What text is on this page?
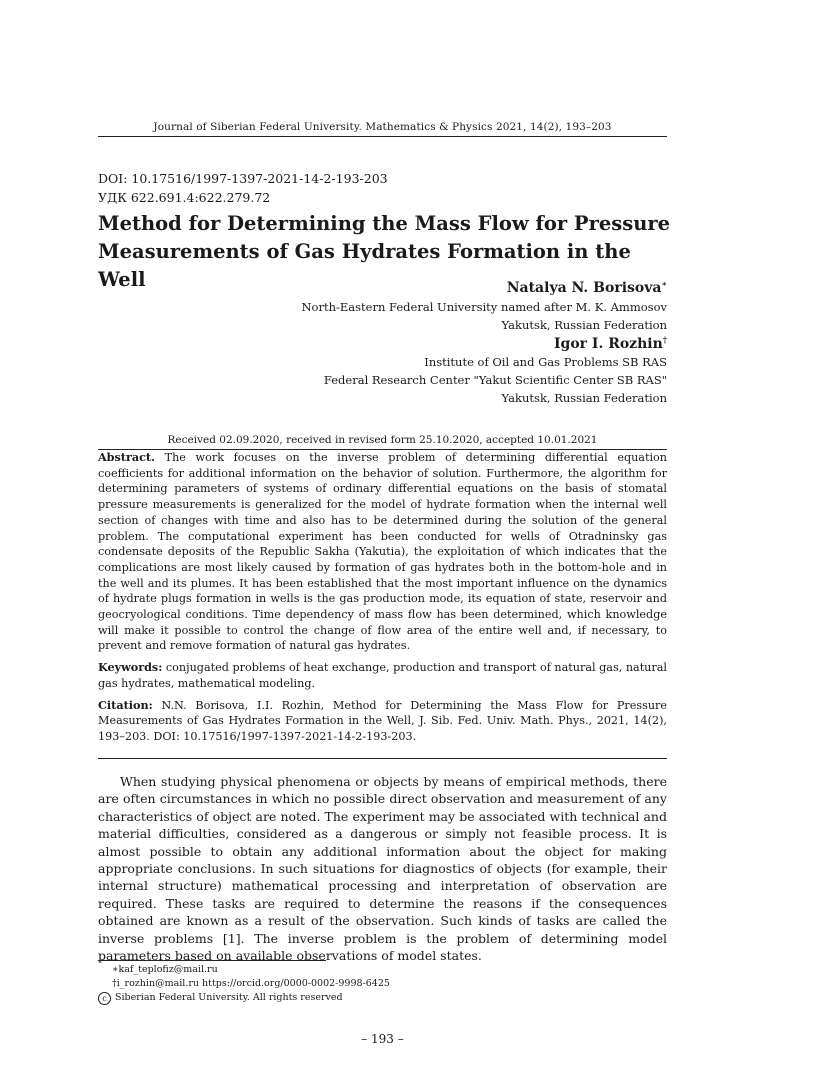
Journal of Siberian Federal University. Mathematics & Physics 2021, 14(2), 193–203
DOI: 10.17516/1997-1397-2021-14-2-193-203
УДК 622.691.4:622.279.72
Method for Determining the Mass Flow for Pressure
Measurements of Gas Hydrates Formation in the Well	Natalya N. Borisova∗
North-Eastern Federal University named after M. K. Ammosov
Yakutsk, Russian Federation
Igor I. Rozhin†
Institute of Oil and Gas Problems SB RAS
Federal Research Center "Yakut Scientific Center SB RAS"
Yakutsk, Russian Federation
Received 02.09.2020, received in revised form 25.10.2020, accepted 10.01.2021
Abstract. The work focuses on the inverse problem of determining differential equation coefficients for additional information on the behavior of solution. Furthermore, the algorithm for determining parameters of systems of ordinary differential equations on the basis of stomatal pressure measurements is generalized for the model of hydrate formation when the internal well section of changes with time and also has to be determined during the solution of the general problem. The computational experiment has been conducted for wells of Otradninsky gas condensate deposits of the Republic Sakha (Yakutia), the exploitation of which indicates that the complications are most likely caused by formation of gas hydrates both in the bottom-hole and in the well and its plumes. It has been established that the most important influence on the dynamics of hydrate plugs formation in wells is the gas production mode, its equation of state, reservoir and geocryological conditions. Time dependency of mass flow has been determined, which knowledge will make it possible to control the change of flow area of the entire well and, if necessary, to prevent and remove formation of natural gas hydrates.
Keywords: conjugated problems of heat exchange, production and transport of natural gas, natural gas hydrates, mathematical modeling.
Citation: N.N. Borisova, I.I. Rozhin, Method for Determining the Mass Flow for Pressure Measurements of Gas Hydrates Formation in the Well, J. Sib. Fed. Univ. Math. Phys., 2021, 14(2), 193–203. DOI: 10.17516/1997-1397-2021-14-2-193-203.

When studying physical phenomena or objects by means of empirical methods, there are often circumstances in which no possible direct observation and measurement of any characteristics of object are noted. The experiment may be associated with technical and material difficulties, considered as a dangerous or simply not feasible process. It is almost possible to obtain any additional information about the object for making appropriate conclusions. In such situations for diagnostics of objects (for example, their internal structure) mathematical processing and interpretation of observation are required. These tasks are required to determine the reasons if the consequences obtained are known as a result of the observation. Such kinds of tasks are called the inverse problems [1]. The inverse problem is the problem of determining model parameters based on available observations of model states.

∗kaf_teplofiz@mail.ru
†i_rozhin@mail.ru https://orcid.org/0000-0002-9998-6425
c Siberian Federal University. All rights reserved
– 193 –
